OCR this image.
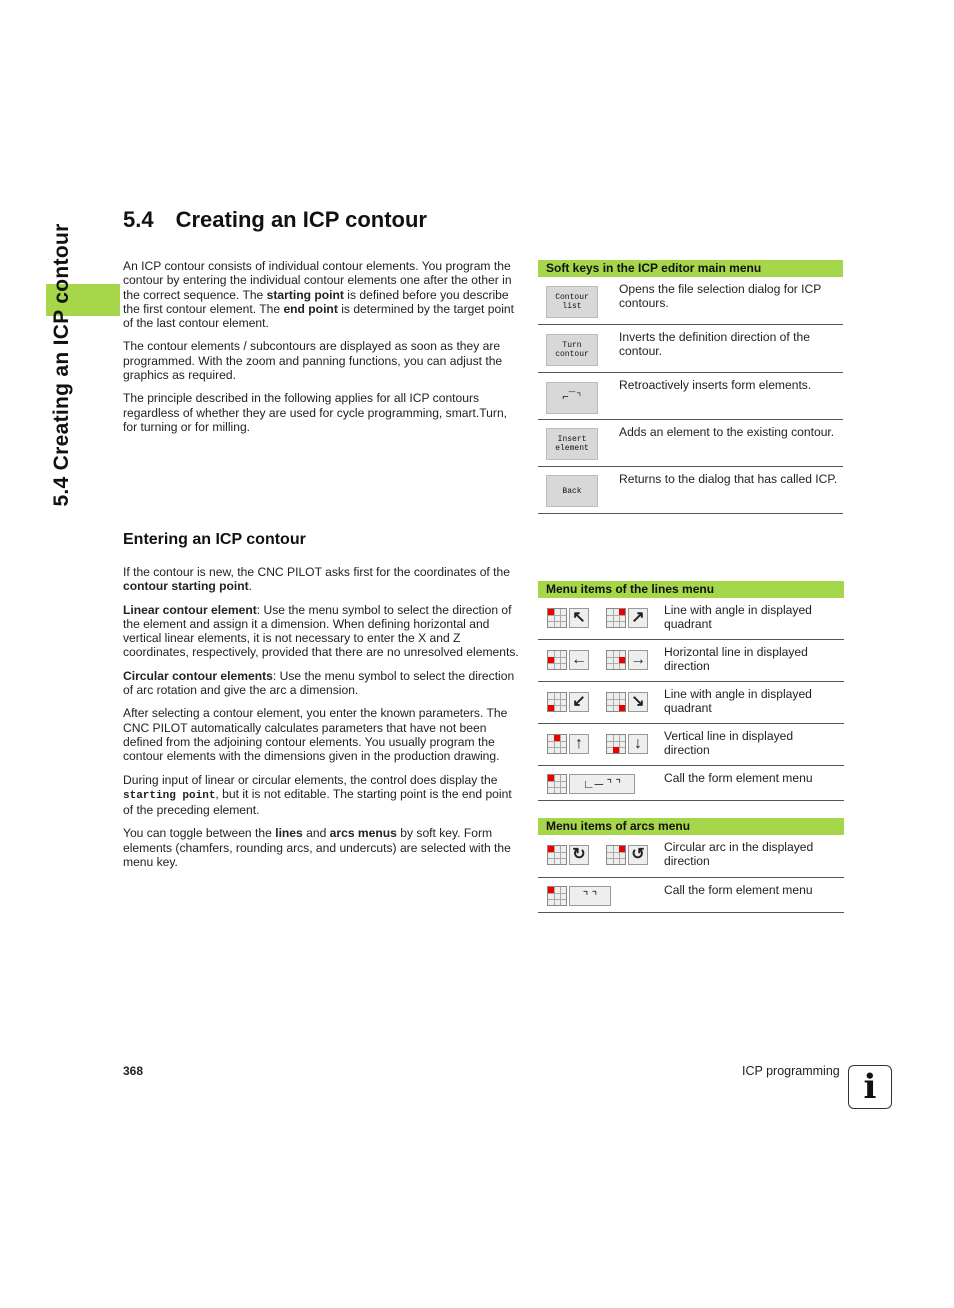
5.4 Creating an ICP contour
5.4 Creating an ICP contour

An ICP contour consists of individual contour elements. You program the contour by entering the individual contour elements one after the other in the correct sequence. The starting point is defined before you describe the first contour element. The end point is determined by the target point of the last contour element.

The contour elements / subcontours are displayed as soon as they are programmed. With the zoom and panning functions, you can adjust the graphics as required.

The principle described in the following applies for all ICP contours regardless of whether they are used for cycle programming, smart.Turn, for turning or for milling.

Entering an ICP contour

If the contour is new, the CNC PILOT asks first for the coordinates of the contour starting point.

Linear contour element: Use the menu symbol to select the direction of the element and assign it a dimension. When defining horizontal and vertical linear elements, it is not necessary to enter the X and Z coordinates, respectively, provided that there are no unresolved elements.

Circular contour elements: Use the menu symbol to select the direction of arc rotation and give the arc a dimension.

After selecting a contour element, you enter the known parameters. The CNC PILOT automatically calculates parameters that have not been defined from the adjoining contour elements. You usually program the contour elements with the dimensions given in the production drawing.

During input of linear or circular elements, the control does display the starting point, but it is not editable. The starting point is the end point of the preceding element.

You can toggle between the lines and arcs menus by soft key. Form elements (chamfers, rounding arcs, and undercuts) are selected with the menu key.

Soft keys in the ICP editor main menu
Contour list
Opens the file selection dialog for ICP contours.
Turn contour
Inverts the definition direction of the contour.
⌐‾⌝
Retroactively inserts form elements.
Insert element
Adds an element to the existing contour.
Back
Returns to the dialog that has called ICP.
Menu items of the lines menu
↖	↗ Line with angle in displayed quadrant
←	→ Horizontal line in displayed direction
↙	↘ Line with angle in displayed quadrant
↑	↓	Vertical line in displayed direction
∟─ ⌝ ⌝	Call the form element menu
Menu items of arcs menu
↻	↺ Circular arc in the displayed direction
⌝ ⌝	Call the form element menu
368	ICP programming i
